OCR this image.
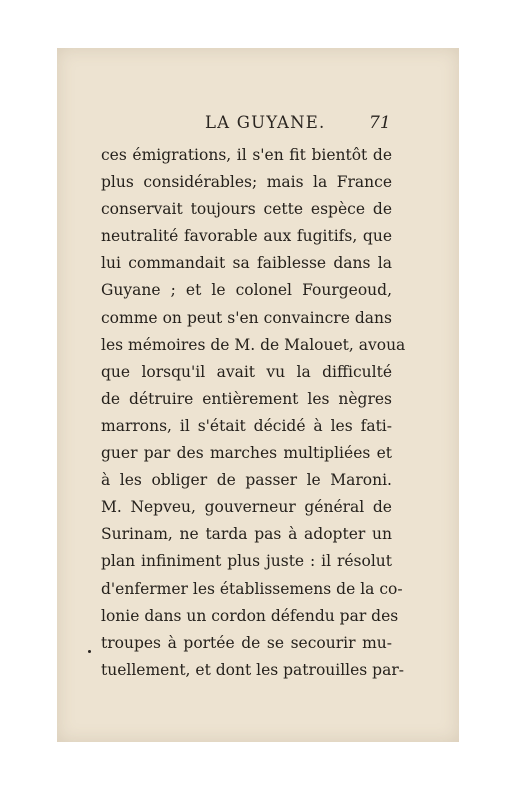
LA GUYANE.	71
ces émigrations, il s'en fit bientôt de
plus considérables; mais la France
conservait toujours cette espèce de
neutralité favorable aux fugitifs, que
lui commandait sa faiblesse dans la
Guyane ; et le colonel Fourgeoud,
comme on peut s'en convaincre dans
les mémoires de M. de Malouet, avoua
que lorsqu'il avait vu la difficulté
de détruire entièrement les nègres
marrons, il s'était décidé à les fati-
guer par des marches multipliées et
à les obliger de passer le Maroni.
M. Nepveu, gouverneur général de
Surinam, ne tarda pas à adopter un
plan infiniment plus juste : il résolut
d'enfermer les établissemens de la co-
lonie dans un cordon défendu par des
troupes à portée de se secourir mu-
tuellement, et dont les patrouilles par-
